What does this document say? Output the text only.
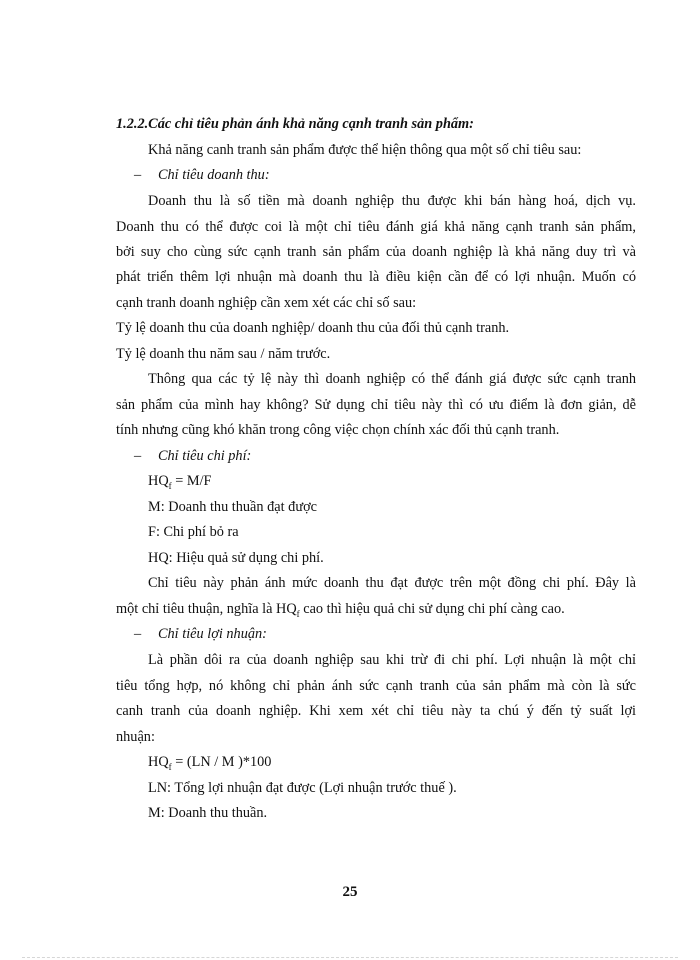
1.2.2.Các chỉ tiêu phản ánh khả năng cạnh tranh sản phẩm:
Khả năng canh tranh sản phẩm được thể hiện thông qua một số chỉ tiêu sau:
– Chỉ tiêu doanh thu:
Doanh thu là số tiền mà doanh nghiệp thu được khi bán hàng hoá, dịch vụ.
Doanh thu có thể được coi là một chỉ tiêu đánh giá khả năng cạnh tranh sản phẩm,
bởi suy cho cùng sức cạnh tranh sản phẩm của doanh nghiệp là khả năng duy trì và
phát triển thêm lợi nhuận mà doanh thu là điều kiện cần để có lợi nhuận. Muốn có
cạnh tranh doanh nghiệp cần xem xét các chỉ số sau:
Tỷ lệ doanh thu của doanh nghiệp/ doanh thu của đối thủ cạnh tranh.
Tỷ lệ doanh thu năm sau / năm trước.
Thông qua các tỷ lệ này thì doanh nghiệp có thể đánh giá được sức cạnh tranh
sản phẩm của mình hay không? Sử dụng chỉ tiêu này thì có ưu điểm là đơn giản, dễ
tính nhưng cũng khó khăn trong công việc chọn chính xác đối thủ cạnh tranh.
– Chỉ tiêu chi phí:
$HQ_f = M/F$
M: Doanh thu thuần đạt được
F: Chi phí bỏ ra
HQ: Hiệu quả sử dụng chi phí.
Chỉ tiêu này phản ánh mức doanh thu đạt được trên một đồng chi phí. Đây là
một chỉ tiêu thuận, nghĩa là $HQ_f$ cao thì hiệu quả chi sử dụng chi phí càng cao.
– Chỉ tiêu lợi nhuận:
Là phần dôi ra của doanh nghiệp sau khi trừ đi chi phí. Lợi nhuận là một chỉ
tiêu tổng hợp, nó không chỉ phản ánh sức cạnh tranh của sản phẩm mà còn là sức
canh tranh của doanh nghiệp. Khi xem xét chỉ tiêu này ta chú ý đến tỷ suất lợi
nhuận:
$HQ_f = (LN / M$ )*100
LN: Tổng lợi nhuận đạt được (Lợi nhuận trước thuế ).
M: Doanh thu thuần.
25
